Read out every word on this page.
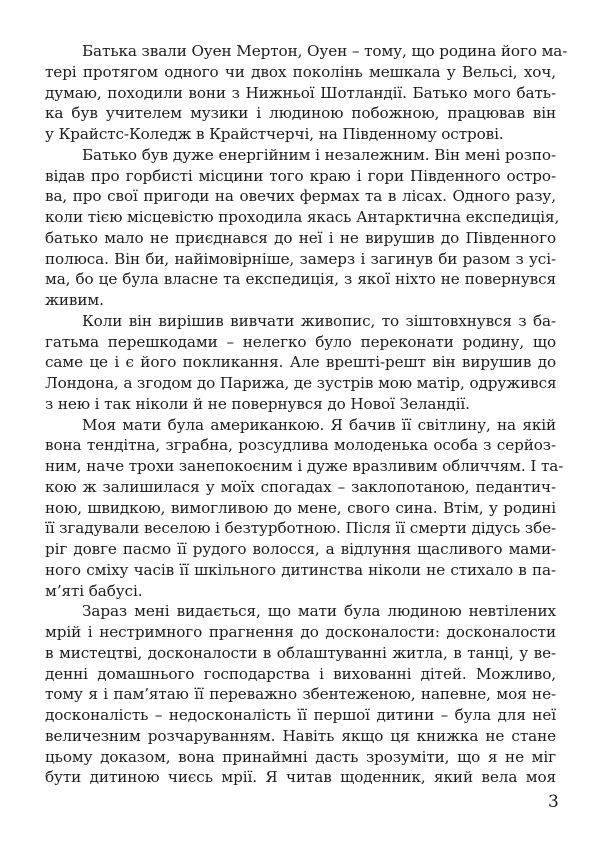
Батька звали Оуен Мертон, Оуен – тому, що родина його ма-
тері протягом одного чи двох поколінь мешкала у Вельсі, хоч,
думаю, походили вони з Нижньої Шотландії. Батько мого бать-
ка був учителем музики і людиною побожною, працював він
у Крайстс-Коледж в Крайстчерчі, на Південному острові.
Батько був дуже енергійним і незалежним. Він мені розпо-
відав про горбисті місцини того краю і гори Південного остро-
ва, про свої пригоди на овечих фермах та в лісах. Одного разу,
коли тією місцевістю проходила якась Антарктична експедиція,
батько мало не приєднався до неї і не вирушив до Південного
полюса. Він би, найімовірніше, замерз і загинув би разом з усі-
ма, бо це була власне та експедиція, з якої ніхто не повернувся
живим.
Коли він вирішив вивчати живопис, то зіштовхнувся з ба-
гатьма перешкодами – нелегко було переконати родину, що
саме це і є його покликання. Але врешті-решт він вирушив до
Лондона, а згодом до Парижа, де зустрів мою матір, одружився
з нею і так ніколи й не повернувся до Нової Зеландії.
Моя мати була американкою. Я бачив її світлину, на якій
вона тендітна, зграбна, розсудлива молоденька особа з серйоз-
ним, наче трохи занепокоєним і дуже вразливим обличчям. І та-
кою ж залишилася у моїх спогадах – заклопотаною, педантич-
ною, швидкою, вимогливою до мене, свого сина. Втім, у родині
її згадували веселою і безтурботною. Після її смерти дідусь збе-
ріг довге пасмо її рудого волосся, а відлуння щасливого мами-
ного сміху часів її шкільного дитинства ніколи не стихало в па-
м’яті бабусі.
Зараз мені видається, що мати була людиною невтілених
мрій і нестримного прагнення до досконалости: досконалости
в мистецтві, досконалости в облаштуванні житла, в танці, у ве-
денні домашнього господарства і вихованні дітей. Можливо,
тому я і пам’ятаю її переважно збентеженою, напевне, моя не-
досконалість – недосконалість її першої дитини – була для неї
величезним розчаруванням. Навіть якщо ця книжка не стане
цьому доказом, вона принаймні дасть зрозуміти, що я не міг
бути дитиною чиєсь мрії. Я читав щоденник, який вела моя
3
